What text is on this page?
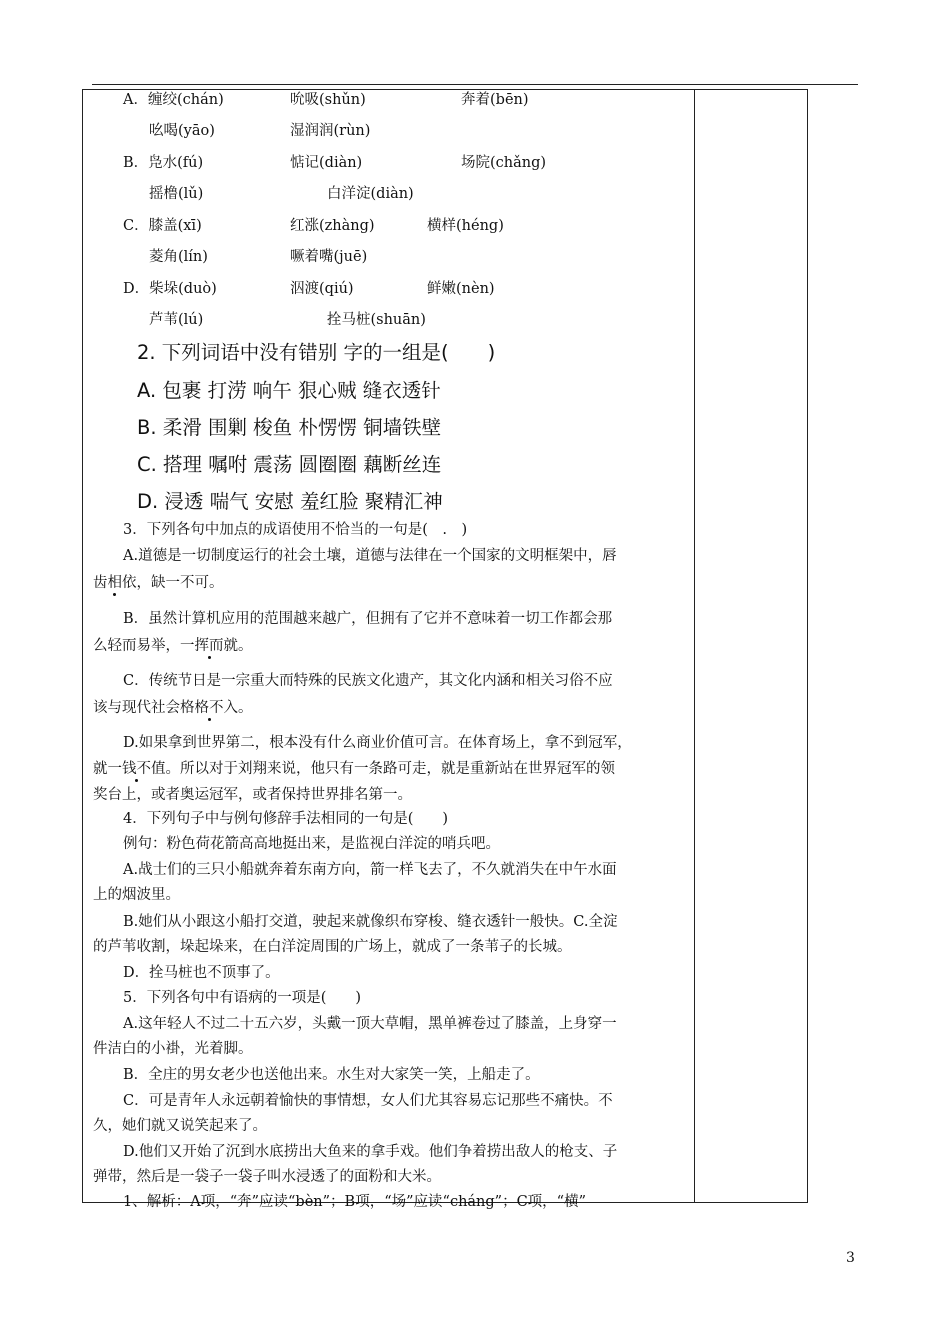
A．缠绞(chán)	吮吸(shǔn)	奔着(bēn)
吆喝(yāo)	湿润润(rùn)
B．凫水(fú)	惦记(diàn)	场院(chǎng)
摇橹(lǔ)	白洋淀(diàn)
C．膝盖(xī)	红涨(zhàng)	横样(héng)
菱角(lín)	噘着嘴(juē)
D．柴垛(duò)	泅渡(qiú)	鲜嫩(nèn)
芦苇(lú)	拴马桩(shuān)
2. 下列词语中没有错别 字的一组是(　　)
A. 包裹 打涝 响午 狠心贼 缝衣透针
B. 柔滑 围剿 梭鱼 朴愣愣 铜墙铁壁
C. 搭理 嘱咐 震荡 圆圈圈 藕断丝连
D. 浸透 喘气 安慰 羞红脸 聚精汇神
3．下列各句中加点的成语使用不恰当的一句是(　.　)
A.道德是一切制度运行的社会土壤，道德与法律在一个国家的文明框架中，唇
齿相依，缺一不可。
B．虽然计算机应用的范围越来越广，但拥有了它并不意味着一切工作都会那
么轻而易举，一挥而就。
C．传统节日是一宗重大而特殊的民族文化遗产，其文化内涵和相关习俗不应
该与现代社会格格不入。
D.如果拿到世界第二，根本没有什么商业价值可言。在体育场上，拿不到冠军，
就一钱不值。所以对于刘翔来说，他只有一条路可走，就是重新站在世界冠军的领
奖台上，或者奥运冠军，或者保持世界排名第一。
4．下列句子中与例句修辞手法相同的一句是(　　)
例句：粉色荷花箭高高地挺出来，是监视白洋淀的哨兵吧。
A.战士们的三只小船就奔着东南方向，箭一样飞去了，不久就消失在中午水面
上的烟波里。
B.她们从小跟这小船打交道，驶起来就像织布穿梭、缝衣透针一般快。C.全淀
的芦苇收割，垛起垛来，在白洋淀周围的广场上，就成了一条苇子的长城。
D．拴马桩也不顶事了。
5．下列各句中有语病的一项是(　　)
A.这年轻人不过二十五六岁，头戴一顶大草帽，黑单裤卷过了膝盖，上身穿一
件洁白的小褂，光着脚。
B．全庄的男女老少也送他出来。水生对大家笑一笑，上船走了。
C．可是青年人永远朝着愉快的事情想，女人们尤其容易忘记那些不痛快。不
久，她们就又说笑起来了。
D.他们又开始了沉到水底捞出大鱼来的拿手戏。他们争着捞出敌人的枪支、子
弹带，然后是一袋子一袋子叫水浸透了的面粉和大米。
1、解析：A项，“奔”应读“bèn”；B项，“场”应读“cháng”；C项，“横”
3
